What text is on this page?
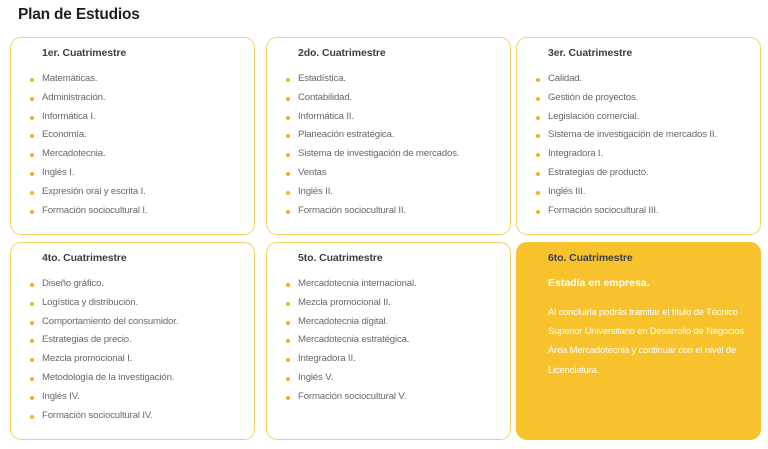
Plan de Estudios
1er. Cuatrimestre
Matemáticas.
Administración.
Informática I.
Economía.
Mercadotecnia.
Inglés I.
Expresión oral y escrita I.
Formación sociocultural I.
2do. Cuatrimestre
Estadística.
Contabilidad.
Informática II.
Planeación estratégica.
Sistema de investigación de mercados.
Ventas
Inglés II.
Formación sociocultural II.
3er. Cuatrimestre
Calidad.
Gestión de proyectos.
Legislación comercial.
Sistema de investigación de mercados II.
Integradora I.
Estrategias de producto.
Inglés III.
Formación sociocultural III.
4to. Cuatrimestre
Diseño gráfico.
Logística y distribución.
Comportamiento del consumidor.
Estrategias de precio.
Mezcla promocional I.
Metodología de la investigación.
Inglés IV.
Formación sociocultural IV.
5to. Cuatrimestre
Mercadotecnia internacional.
Mezcla promocional II.
Mercadotecnia digital.
Mercadotecnia estratégica.
Integradora II.
Inglés V.
Formación sociocultural V.
6to. Cuatrimestre
Estadía en empresa.
Al concluirla podrás tramitar el título de Técnico Superior Universitario en Desarrollo de Negocios Área Mercadotecnia y continuar con el nivel de Licenciatura.
